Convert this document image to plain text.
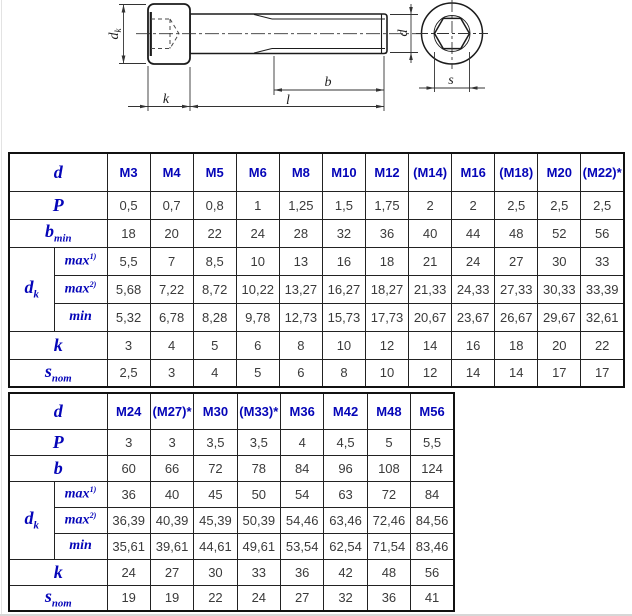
$d_k$
k	l
b
d
s
d		M3	M4	M5	M6	M8	M10	M12	(M14)	M16	(M18)	M20	(M22)*
P		0,5	0,7	0,8	1	1,25	1,5	1,75	2	2	2,5	2,5	2,5
$b_{min}$		18	20	22	24	28	32	36	40	44	48	52	56
$d_k$	$\max^{1)}$	5,5	7	8,5	10	13	16	18	21	24	27	30	33
	$\max^{2)}$	5,68	7,22	8,72	10,22	13,27	16,27	18,27	21,33	24,33	27,33	30,33	33,39
	min	5,32	6,78	8,28	9,78	12,73	15,73	17,73	20,67	23,67	26,67	29,67	32,61
k		3	4	5	6	8	10	12	14	16	18	20	22
$s_{nom}$		2,5	3	4	5	6	8	10	12	14	14	17	17
d		M24	(M27)*	M30	(M33)*	M36	M42	M48	M56
P		3	3	3,5	3,5	4	4,5	5	5,5
b		60	66	72	78	84	96	108	124
$d_k$	$\max^{1)}$	36	40	45	50	54	63	72	84
	$\max^{2)}$	36,39	40,39	45,39	50,39	54,46	63,46	72,46	84,56
	min	35,61	39,61	44,61	49,61	53,54	62,54	71,54	83,46
k		24	27	30	33	36	42	48	56
$s_{nom}$		19	19	22	24	27	32	36	41
